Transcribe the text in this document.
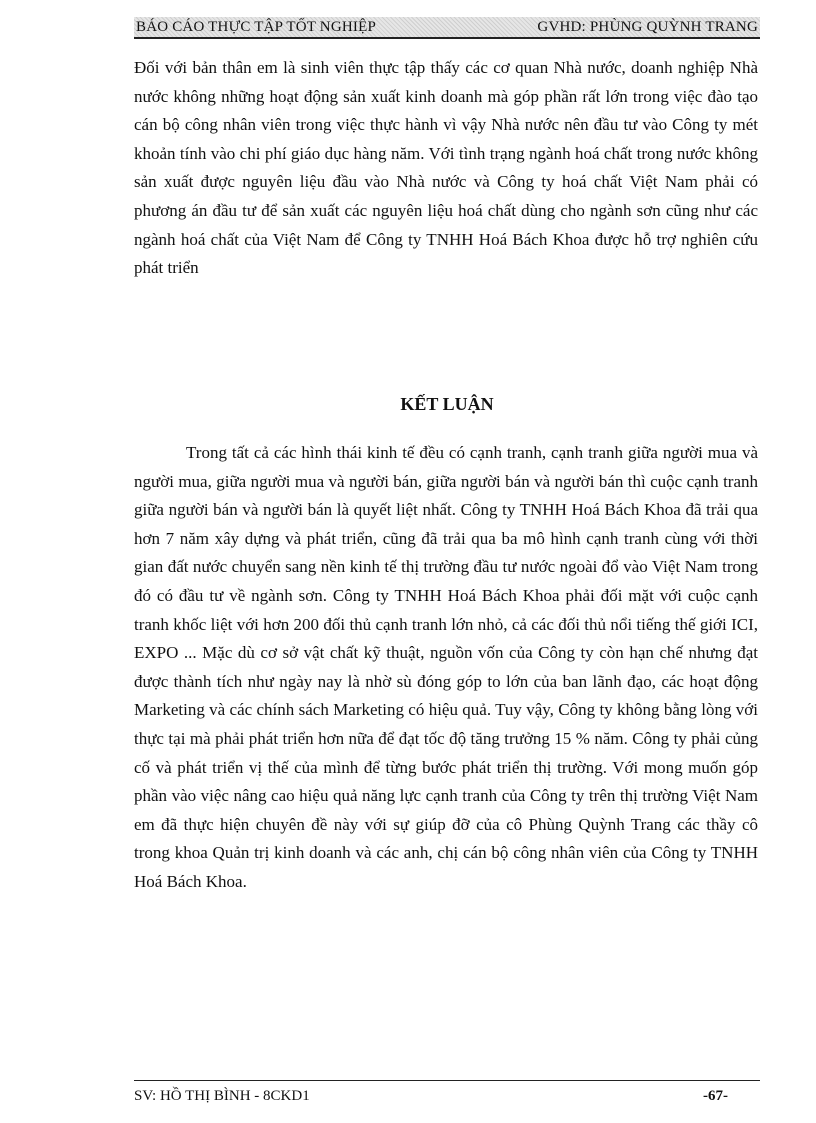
BÁO CÁO THỰC TẬP TỐT NGHIỆP	GVHD: PHÙNG QUỲNH TRANG

Đối với bản thân em là sinh viên thực tập thấy các cơ quan Nhà nước, doanh nghiệp Nhà nước không những hoạt động sản xuất kinh doanh mà góp phần rất lớn trong việc đào tạo cán bộ công nhân viên trong việc thực hành vì vậy Nhà nước nên đầu tư vào Công ty mét khoản tính vào chi phí giáo dục hàng năm. Với tình trạng ngành hoá chất trong nước không sản xuất được nguyên liệu đầu vào Nhà nước và Công ty hoá chất Việt Nam phải có phương án đầu tư để sản xuất các nguyên liệu hoá chất dùng cho ngành sơn cũng như các ngành hoá chất của Việt Nam để Công ty TNHH Hoá Bách Khoa được hỗ trợ nghiên cứu phát triển

KẾT LUẬN

Trong tất cả các hình thái kinh tế đều có cạnh tranh, cạnh tranh giữa người mua và người mua, giữa người mua và người bán, giữa người bán và người bán thì cuộc cạnh tranh giữa người bán và người bán là quyết liệt nhất. Công ty TNHH Hoá Bách Khoa đã trải qua hơn 7 năm xây dựng và phát triển, cũng đã trải qua ba mô hình cạnh tranh cùng với thời gian đất nước chuyển sang nền kinh tế thị trường đầu tư nước ngoài đổ vào Việt Nam trong đó có đầu tư về ngành sơn. Công ty TNHH Hoá Bách Khoa phải đối mặt với cuộc cạnh tranh khốc liệt với hơn 200 đối thủ cạnh tranh lớn nhỏ, cả các đối thủ nổi tiếng thế giới ICI, EXPO ... Mặc dù cơ sở vật chất kỹ thuật, nguồn vốn của Công ty còn hạn chế nhưng đạt được thành tích như ngày nay là nhờ sù đóng góp to lớn của ban lãnh đạo, các hoạt động Marketing và các chính sách Marketing có hiệu quả. Tuy vậy, Công ty không bằng lòng với thực tại mà phải phát triển hơn nữa để đạt tốc độ tăng trưởng 15 % năm. Công ty phải củng cố và phát triển vị thế của mình để từng bước phát triển thị trường. Với mong muốn góp phần vào việc nâng cao hiệu quả năng lực cạnh tranh của Công ty trên thị trường Việt Nam em đã thực hiện chuyên đề này với sự giúp đỡ của cô Phùng Quỳnh Trang các thầy cô trong khoa Quản trị kinh doanh và các anh, chị cán bộ công nhân viên của Công ty TNHH Hoá Bách Khoa.

SV: HỒ THỊ BÌNH - 8CKD1	-67-
